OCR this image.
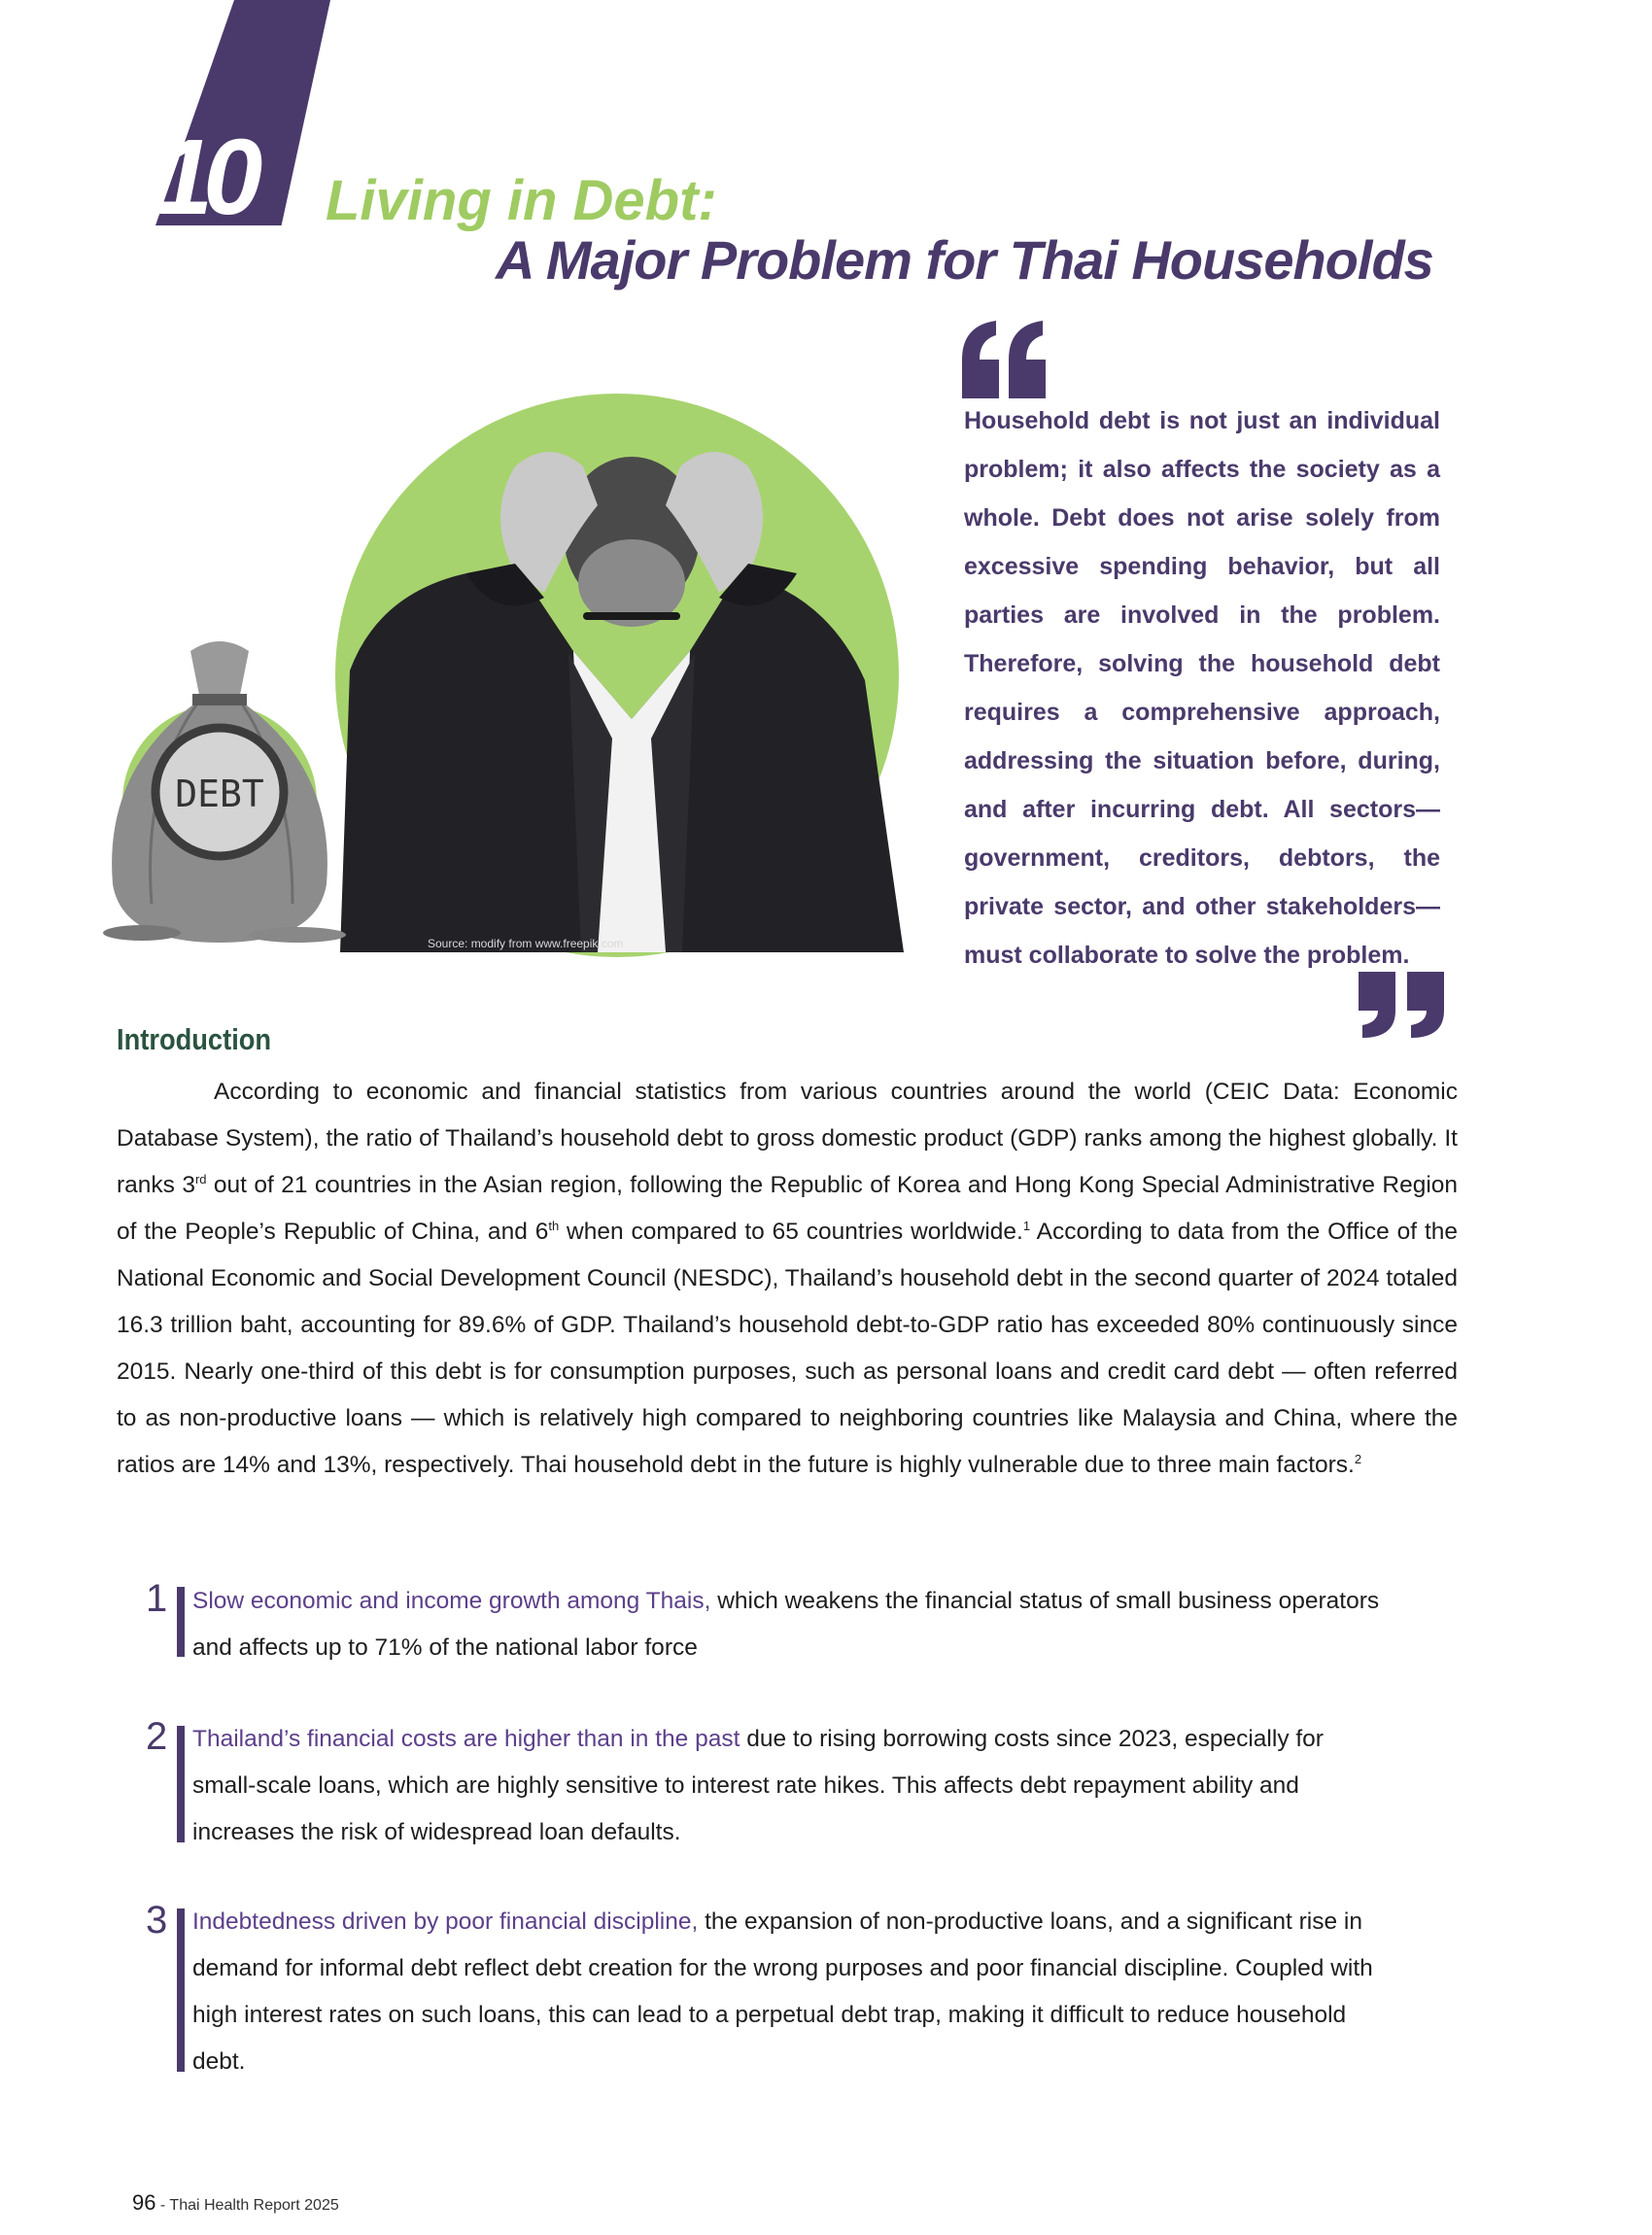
10 Living in Debt:
A Major Problem for Thai Households
DEBT
Source: modify from www.freepik.com
Household debt is not just an individual problem; it also affects the society as a whole. Debt does not arise solely from excessive spending behavior, but all parties are involved in the problem. Therefore, solving the household debt requires a comprehensive approach, addressing the situation before, during, and after incurring debt. All sectors—government, creditors, debtors, the private sector, and other stakeholders—must collaborate to solve the problem.
Introduction
According to economic and financial statistics from various countries around the world (CEIC Data: Economic Database System), the ratio of Thailand’s household debt to gross domestic product (GDP) ranks among the highest globally. It ranks 3rd out of 21 countries in the Asian region, following the Republic of Korea and Hong Kong Special Administrative Region of the People’s Republic of China, and 6th when compared to 65 countries worldwide.$^1$ According to data from the Office of the National Economic and Social Development Council (NESDC), Thailand’s household debt in the second quarter of 2024 totaled 16.3 trillion baht, accounting for 89.6% of GDP. Thailand’s household debt-to-GDP ratio has exceeded 80% continuously since 2015. Nearly one-third of this debt is for consumption purposes, such as personal loans and credit card debt — often referred to as non-productive loans — which is relatively high compared to neighboring countries like Malaysia and China, where the ratios are 14% and 13%, respectively. Thai household debt in the future is highly vulnerable due to three main factors.$^2$
1 Slow economic and income growth among Thais, which weakens the financial status of small business operators and affects up to 71% of the national labor force
2 Thailand’s financial costs are higher than in the past due to rising borrowing costs since 2023, especially for small-scale loans, which are highly sensitive to interest rate hikes. This affects debt repayment ability and increases the risk of widespread loan defaults.
3 Indebtedness driven by poor financial discipline, the expansion of non-productive loans, and a significant rise in demand for informal debt reflect debt creation for the wrong purposes and poor financial discipline. Coupled with high interest rates on such loans, this can lead to a perpetual debt trap, making it difficult to reduce household debt.
96 - Thai Health Report 2025
